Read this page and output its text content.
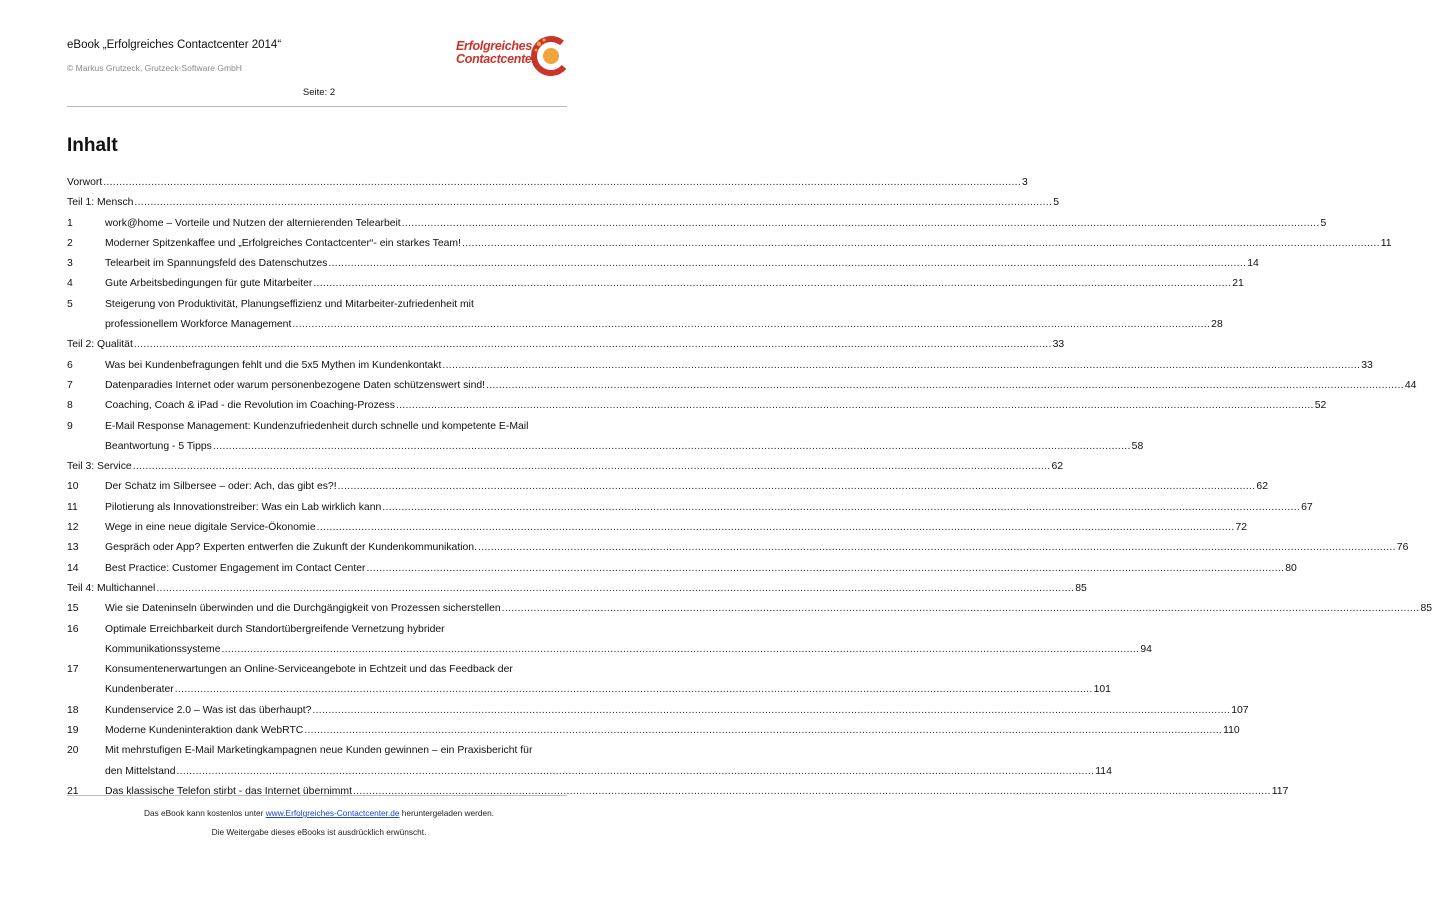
eBook „Erfolgreiches Contactcenter 2014“
© Markus Grutzeck, Grutzeck-Software GmbH
Erfolgreiches
Contactcenter
Seite: 2
Inhalt
Vorwort .....	3
Teil 1: Mensch .....	5
1	work@home – Vorteile und Nutzen der alternierenden Telearbeit .....	5
2	Moderner Spitzenkaffee und „Erfolgreiches Contactcenter“- ein starkes Team! .....	11
3	Telearbeit im Spannungsfeld des Datenschutzes .....	14
4	Gute Arbeitsbedingungen für gute Mitarbeiter .....	21
5	Steigerung von Produktivität, Planungseffizienz und Mitarbeiter-zufriedenheit mit
professionellem Workforce Management .....	28
Teil 2: Qualität .....	33
6	Was bei Kundenbefragungen fehlt und die 5x5 Mythen im Kundenkontakt .....	33
7	Datenparadies Internet oder warum personenbezogene Daten schützenswert sind! .....	44
8	Coaching, Coach & iPad - die Revolution im Coaching-Prozess .....	52
9	E-Mail Response Management: Kundenzufriedenheit durch schnelle und kompetente E-Mail
Beantwortung - 5 Tipps .....	58
Teil 3: Service .....	62
10	Der Schatz im Silbersee – oder: Ach, das gibt es?! .....	62
11	Pilotierung als Innovationstreiber: Was ein Lab wirklich kann .....	67
12	Wege in eine neue digitale Service-Ökonomie .....	72
13	Gespräch oder App? Experten entwerfen die Zukunft der Kundenkommunikation. .....	76
14	Best Practice: Customer Engagement im Contact Center .....	80
Teil 4: Multichannel .....	85
15	Wie sie Dateninseln überwinden und die Durchgängigkeit von Prozessen sicherstellen .....	85
16	Optimale Erreichbarkeit durch Standortübergreifende Vernetzung hybrider
Kommunikationssysteme .....	94
17	Konsumentenerwartungen an Online-Serviceangebote in Echtzeit und das Feedback der
Kundenberater .....	101
18	Kundenservice 2.0 – Was ist das überhaupt? .....	107
19	Moderne Kundeninteraktion dank WebRTC .....	110
20	Mit mehrstufigen E-Mail Marketingkampagnen neue Kunden gewinnen – ein Praxisbericht für
den Mittelstand .....	114
21	Das klassische Telefon stirbt - das Internet übernimmt .....	117
Das eBook kann kostenlos unter www.Erfolgreiches-Contactcenter.de heruntergeladen werden.
Die Weitergabe dieses eBooks ist ausdrücklich erwünscht.
